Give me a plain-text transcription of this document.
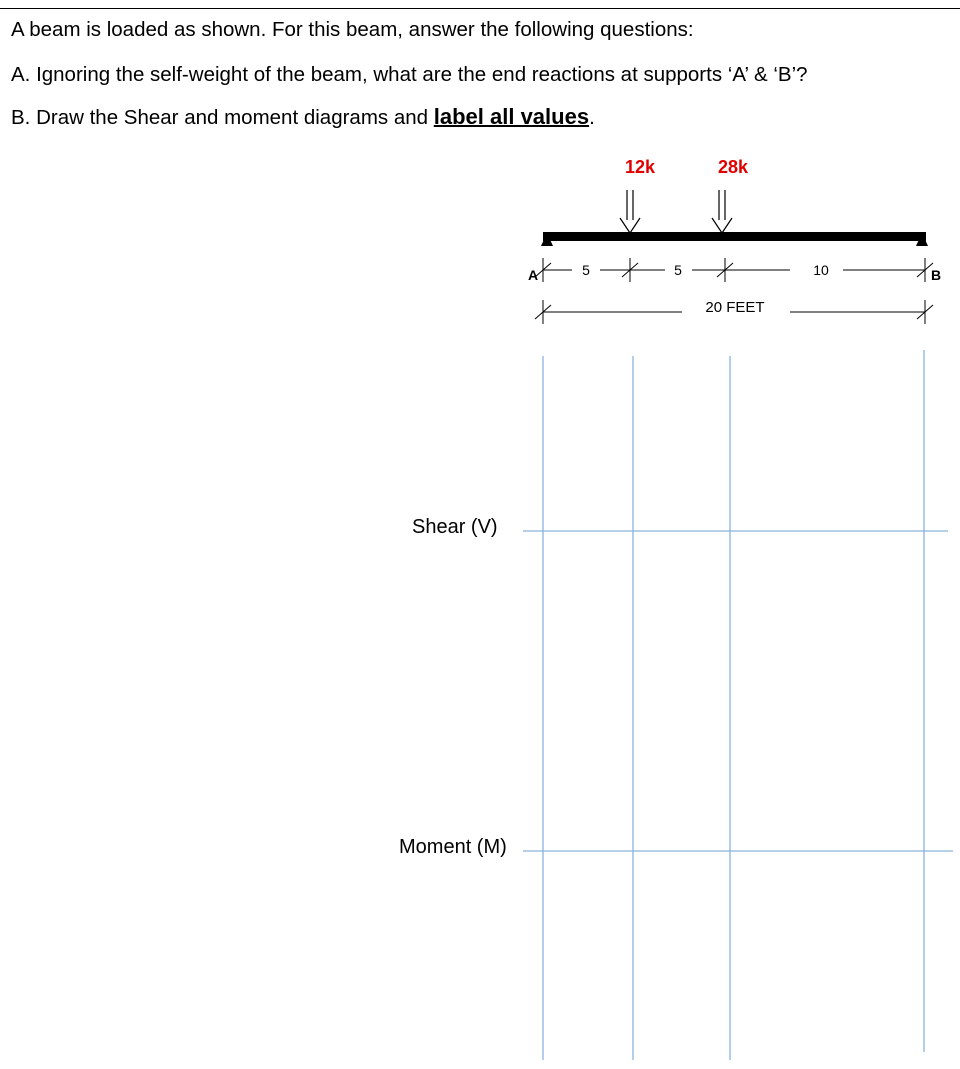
A beam is loaded as shown. For this beam, answer the following questions:
A. Ignoring the self-weight of the beam, what are the end reactions at supports ‘A’ & ‘B’?
B. Draw the Shear and moment diagrams and label all values.
12k	28k
A	B
5	5	10
20 FEET
Shear (V)
Moment (M)
